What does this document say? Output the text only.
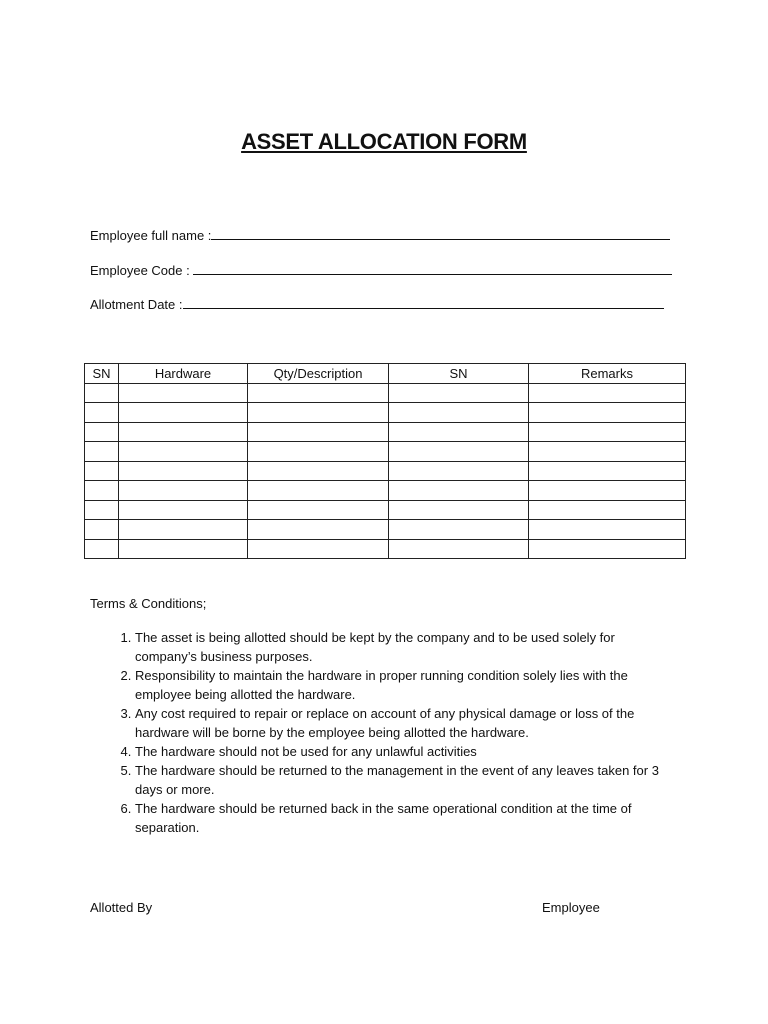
ASSET ALLOCATION FORM
Employee full name :
Employee Code :
Allotment Date :
SN	Hardware	Qty/Description	SN	Remarks

Terms & Conditions;
1. The asset is being allotted should be kept by the company and to be used solely for company’s business purposes.
2. Responsibility to maintain the hardware in proper running condition solely lies with the employee being allotted the hardware.
3. Any cost required to repair or replace on account of any physical damage or loss of the hardware will be borne by the employee being allotted the hardware.
4. The hardware should not be used for any unlawful activities
5. The hardware should be returned to the management in the event of any leaves taken for 3 days or more.
6. The hardware should be returned back in the same operational condition at the time of separation.
Allotted By	Employee
